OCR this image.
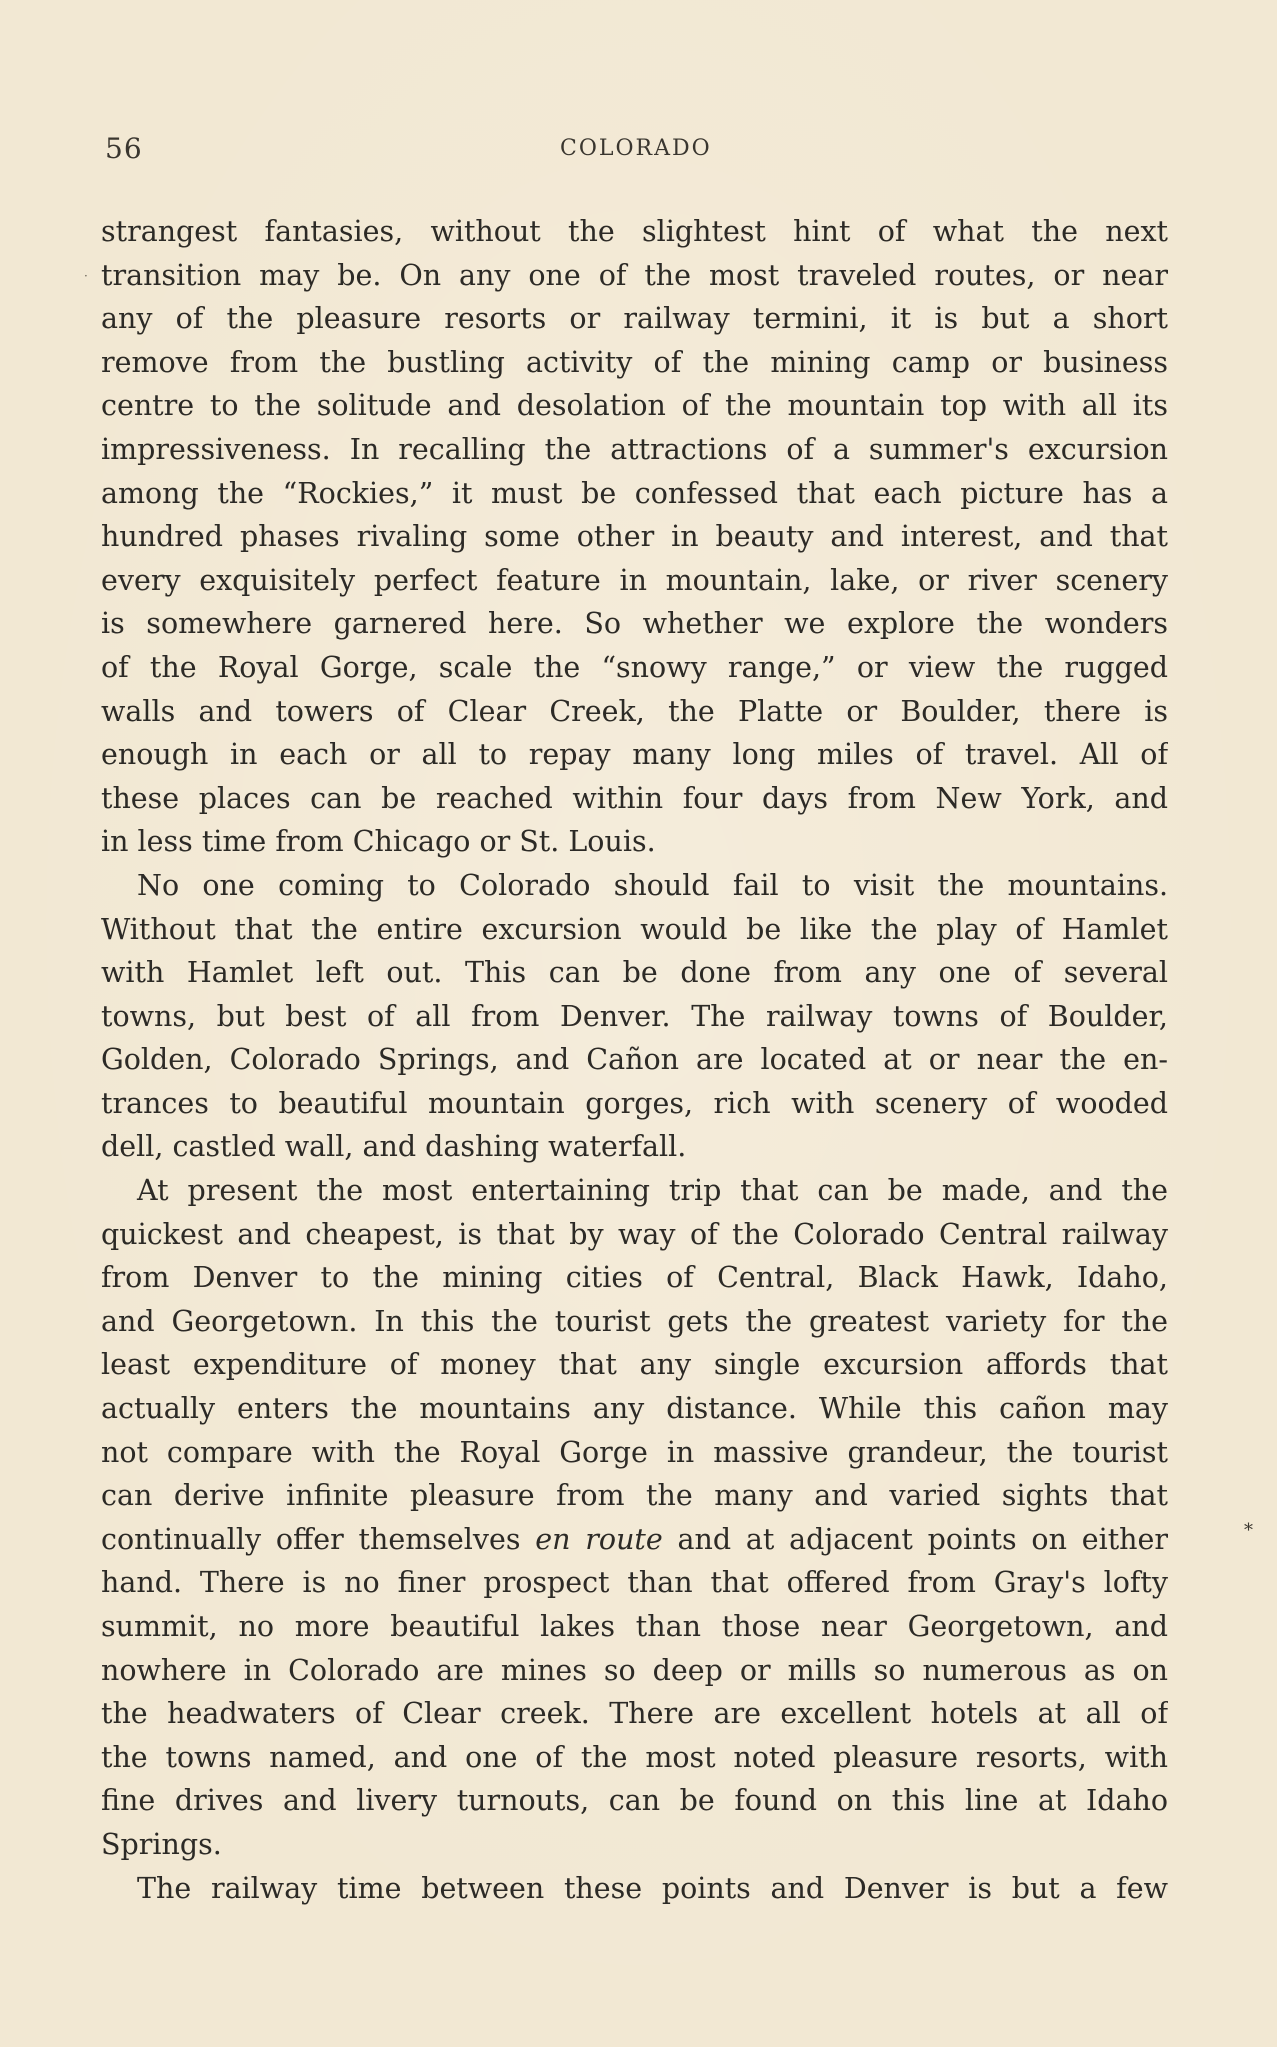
·
56	COLORADO
strangest fantasies, without the slightest hint of what the next
transition may be. On any one of the most traveled routes, or near
any of the pleasure resorts or railway termini, it is but a short
remove from the bustling activity of the mining camp or business
centre to the solitude and desolation of the mountain top with all its
impressiveness. In recalling the attractions of a summer's excursion
among the “Rockies,” it must be confessed that each picture has a
hundred phases rivaling some other in beauty and interest, and that
every exquisitely perfect feature in mountain, lake, or river scenery
is somewhere garnered here. So whether we explore the wonders
of the Royal Gorge, scale the “snowy range,” or view the rugged
walls and towers of Clear Creek, the Platte or Boulder, there is
enough in each or all to repay many long miles of travel. All of
these places can be reached within four days from New York, and
in less time from Chicago or St. Louis.
No one coming to Colorado should fail to visit the mountains.
Without that the entire excursion would be like the play of Hamlet
with Hamlet left out. This can be done from any one of several
towns, but best of all from Denver. The railway towns of Boulder,
Golden, Colorado Springs, and Cañon are located at or near the en-
trances to beautiful mountain gorges, rich with scenery of wooded
dell, castled wall, and dashing waterfall.
At present the most entertaining trip that can be made, and the
quickest and cheapest, is that by way of the Colorado Central railway
from Denver to the mining cities of Central, Black Hawk, Idaho,
and Georgetown. In this the tourist gets the greatest variety for the
least expenditure of money that any single excursion affords that
actually enters the mountains any distance. While this cañon may
not compare with the Royal Gorge in massive grandeur, the tourist
can derive infinite pleasure from the many and varied sights that
continually offer themselves en route and at adjacent points on either
hand. There is no finer prospect than that offered from Gray's lofty
summit, no more beautiful lakes than those near Georgetown, and
nowhere in Colorado are mines so deep or mills so numerous as on
the headwaters of Clear creek. There are excellent hotels at all of
the towns named, and one of the most noted pleasure resorts, with
fine drives and livery turnouts, can be found on this line at Idaho
Springs.
The railway time between these points and Denver is but a few
*
